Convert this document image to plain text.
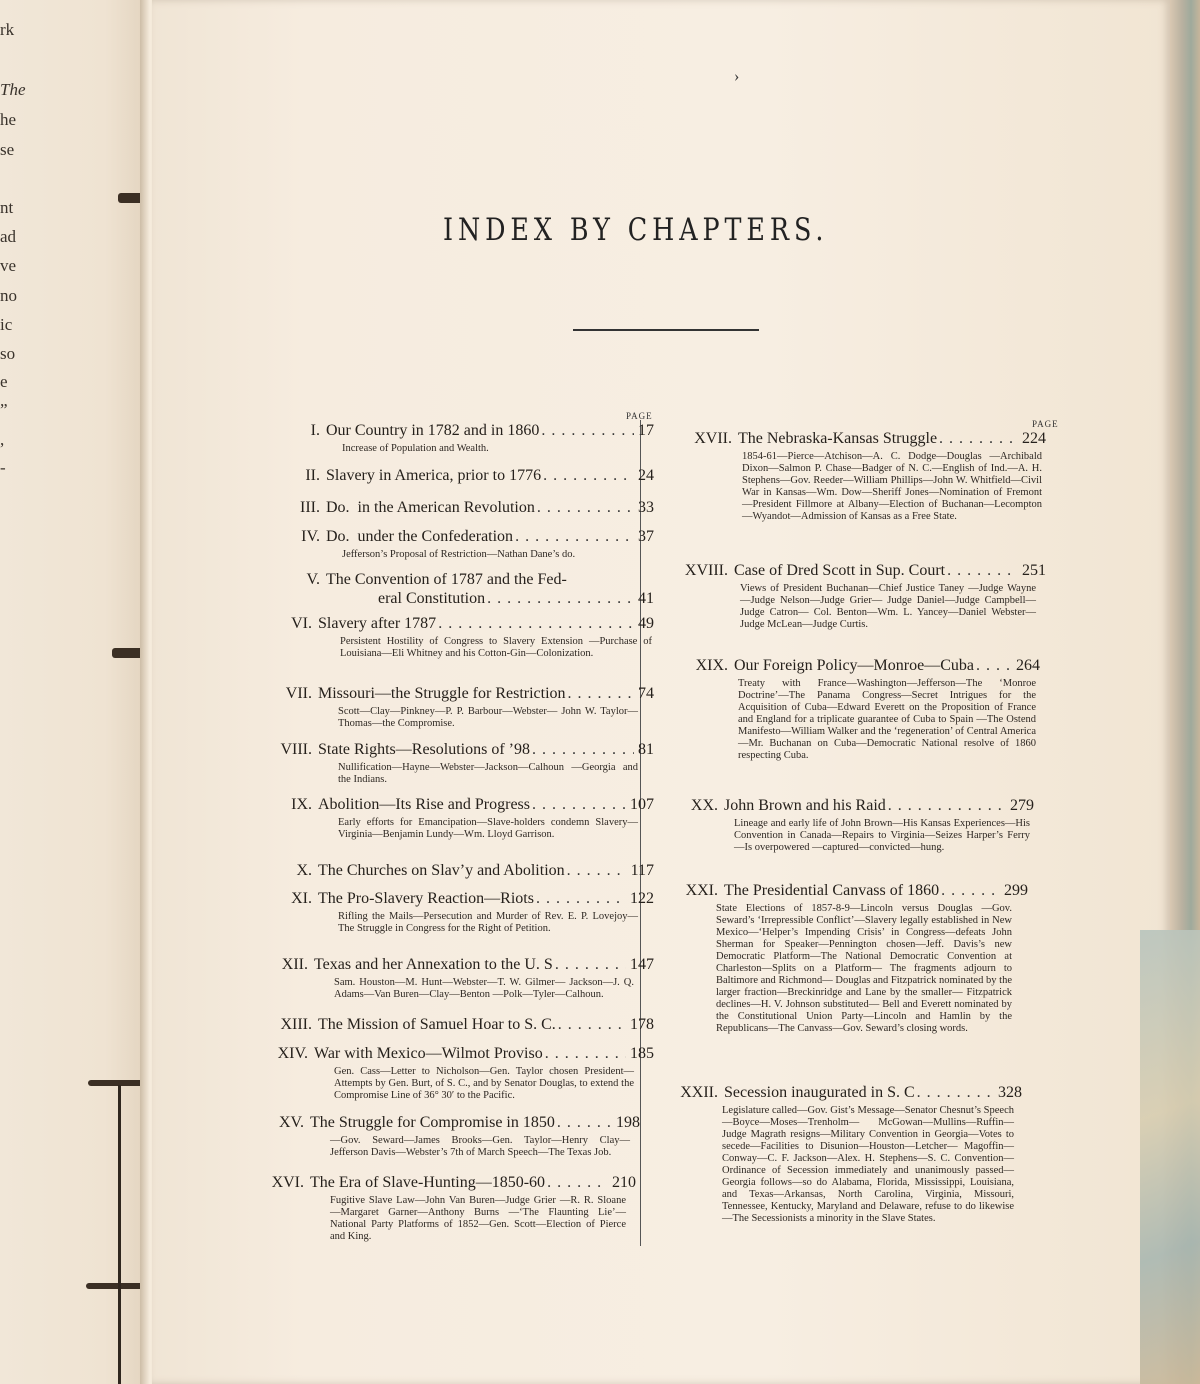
rk
The
he
se
nt
ad
ve
no
ic
so
e
”
,
-
›
INDEX BY CHAPTERS.
PAGE
PAGE
I. Our Country in 1782 and in 1860 . . .	17
Increase of Population and Wealth.
II. Slavery in America, prior to 1776 . . .	24
III. Do.  in the American Revolution . . .	33
IV. Do.  under the Confederation . . .	37
Jefferson’s Proposal of Restriction—Nathan Dane’s do.
V. The Convention of 1787 and the Fed-
eral Constitution . . .	41
VI. Slavery after 1787 . . .	49
Persistent Hostility of Congress to Slavery Extension —Purchase of Louisiana—Eli Whitney and his Cotton-Gin—Colonization.
VII. Missouri—the Struggle for Restriction . . .	74
Scott—Clay—Pinkney—P. P. Barbour—Webster— John W. Taylor—Thomas—the Compromise.
VIII. State Rights—Resolutions of ’98 . . .	81
Nullification—Hayne—Webster—Jackson—Calhoun —Georgia and the Indians.
IX. Abolition—Its Rise and Progress . . .	107
Early efforts for Emancipation—Slave-holders condemn Slavery—Virginia—Benjamin Lundy—Wm. Lloyd Garrison.
X. The Churches on Slav’y and Abolition . . .	117
XI. The Pro-Slavery Reaction—Riots . . .	122
Rifling the Mails—Persecution and Murder of Rev. E. P. Lovejoy—The Struggle in Congress for the Right of Petition.
XII. Texas and her Annexation to the U. S . . .	147
Sam. Houston—M. Hunt—Webster—T. W. Gilmer— Jackson—J. Q. Adams—Van Buren—Clay—Benton —Polk—Tyler—Calhoun.
XIII. The Mission of Samuel Hoar to S. C. . . .	178
XIV. War with Mexico—Wilmot Proviso . . .	185
Gen. Cass—Letter to Nicholson—Gen. Taylor chosen President—Attempts by Gen. Burt, of S. C., and by Senator Douglas, to extend the Compromise Line of 36° 30′ to the Pacific.
XV. The Struggle for Compromise in 1850 . . .	198
—Gov. Seward—James Brooks—Gen. Taylor—Henry Clay—Jefferson Davis—Webster’s 7th of March Speech—The Texas Job.
XVI. The Era of Slave-Hunting—1850-60 . . .	210
Fugitive Slave Law—John Van Buren—Judge Grier —R. R. Sloane—Margaret Garner—Anthony Burns —‘The Flaunting Lie’—National Party Platforms of 1852—Gen. Scott—Election of Pierce and King.
XVII. The Nebraska-Kansas Struggle . . .	224
1854-61—Pierce—Atchison—A. C. Dodge—Douglas —Archibald Dixon—Salmon P. Chase—Badger of N. C.—English of Ind.—A. H. Stephens—Gov. Reeder—William Phillips—John W. Whitfield—Civil War in Kansas—Wm. Dow—Sheriff Jones—Nomination of Fremont—President Fillmore at Albany—Election of Buchanan—Lecompton—Wyandot—Admission of Kansas as a Free State.
XVIII. Case of Dred Scott in Sup. Court . . .	251
Views of President Buchanan—Chief Justice Taney —Judge Wayne—Judge Nelson—Judge Grier— Judge Daniel—Judge Campbell—Judge Catron— Col. Benton—Wm. L. Yancey—Daniel Webster— Judge McLean—Judge Curtis.
XIX. Our Foreign Policy—Monroe—Cuba . . .	264
Treaty with France—Washington—Jefferson—The ‘Monroe Doctrine’—The Panama Congress—Secret Intrigues for the Acquisition of Cuba—Edward Everett on the Proposition of France and England for a triplicate guarantee of Cuba to Spain —The Ostend Manifesto—William Walker and the ‘regeneration’ of Central America—Mr. Buchanan on Cuba—Democratic National resolve of 1860 respecting Cuba.
XX. John Brown and his Raid . . .	279
Lineage and early life of John Brown—His Kansas Experiences—His Convention in Canada—Repairs to Virginia—Seizes Harper’s Ferry—Is overpowered —captured—convicted—hung.
XXI. The Presidential Canvass of 1860 . . .	299
State Elections of 1857-8-9—Lincoln versus Douglas —Gov. Seward’s ‘Irrepressible Conflict’—Slavery legally established in New Mexico—‘Helper’s Impending Crisis’ in Congress—defeats John Sherman for Speaker—Pennington chosen—Jeff. Davis’s new Democratic Platform—The National Democratic Convention at Charleston—Splits on a Platform— The fragments adjourn to Baltimore and Richmond— Douglas and Fitzpatrick nominated by the larger fraction—Breckinridge and Lane by the smaller— Fitzpatrick declines—H. V. Johnson substituted— Bell and Everett nominated by the Constitutional Union Party—Lincoln and Hamlin by the Republicans—The Canvass—Gov. Seward’s closing words.
XXII. Secession inaugurated in S. C . . .	328
Legislature called—Gov. Gist’s Message—Senator Chesnut’s Speech—Boyce—Moses—Trenholm— McGowan—Mullins—Ruffin—Judge Magrath resigns—Military Convention in Georgia—Votes to secede—Facilities to Disunion—Houston—Letcher— Magoffin—Conway—C. F. Jackson—Alex. H. Stephens—S. C. Convention—Ordinance of Secession immediately and unanimously passed—Georgia follows—so do Alabama, Florida, Mississippi, Louisiana, and Texas—Arkansas, North Carolina, Virginia, Missouri, Tennessee, Kentucky, Maryland and Delaware, refuse to do likewise—The Secessionists a minority in the Slave States.
